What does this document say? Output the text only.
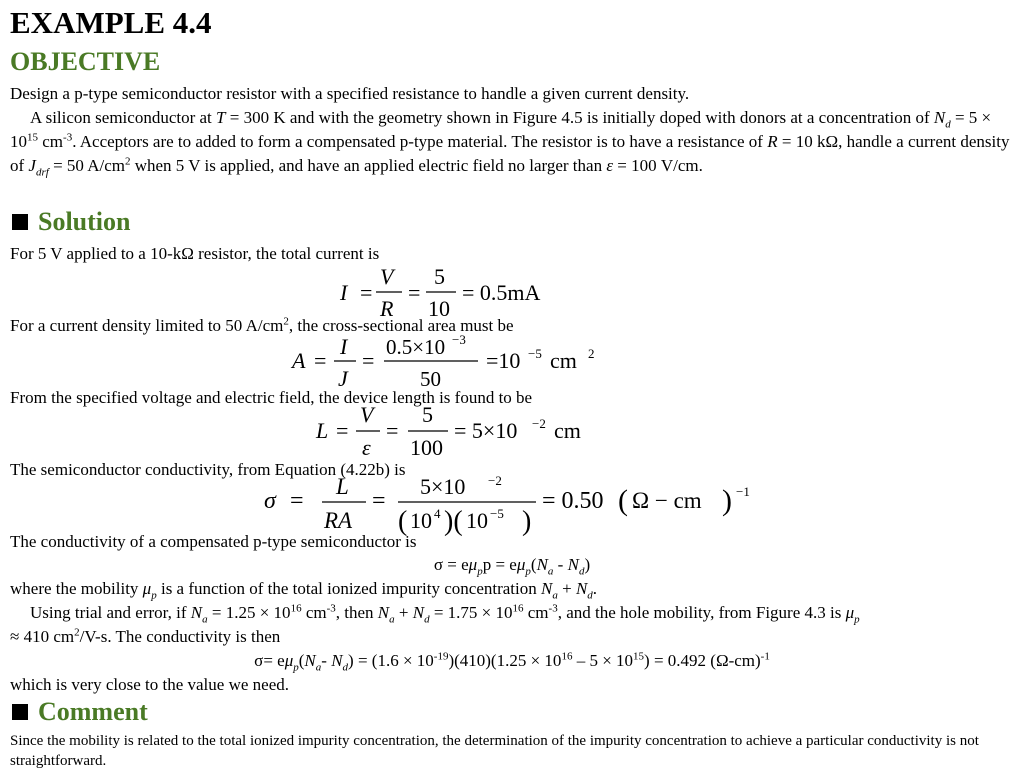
EXAMPLE 4.4
OBJECTIVE

Design a p-type semiconductor resistor with a specified resistance to handle a given current density.

A silicon semiconductor at T = 300 K and with the geometry shown in Figure 4.5 is initially doped with donors at a concentration of $N_d = 5 \times 10^{15}$ $cm^{-3}$. Acceptors are to added to form a compensated p-type material. The resistor is to have a resistance of R = 10 kΩ, handle a current density of $J_{drf} = 50$ $A/cm^2$ when 5 V is applied, and have an applied electric field no larger than ε = 100 V/cm.

Solution

For 5 V applied to a 10-kΩ resistor, the total current is

I =
V
R
=
5
10
= 0.5mA

For a current density limited to 50 $A/cm^2$, the cross-sectional area must be

A =
I
J
=
0.5×10 −3
50
=10 −5 cm 2

From the specified voltage and electric field, the device length is found to be

L =
V
ε
=
5
100
= 5×10 −2 cm

The semiconductor conductivity, from Equation (4.22b) is

σ =
L
RA
=
5×10 −2
( 10 4 )( 10 −5 )
= 0.50 ( Ω − cm ) −1

The conductivity of a compensated p-type semiconductor is

$\sigma = e\mu_pp = e\mu_p(N_a - N_d)$

where the mobility $\mu_p$ is a function of the total ionized impurity concentration $N_a + N_d$.

Using trial and error, if $N_a = 1.25 \times 10^{16}$ $cm^{-3}$, then $N_a + N_d = 1.75 \times 10^{16}$ $cm^{-3}$, and the hole mobility, from Figure 4.3 is $\mu_p$
≈ 410 $cm^2/V-s$. The conductivity is then

$\sigma= e\mu_p(N_a-$ $N_d) = (1.6 \times 10^{-19})(410)(1.25 \times 10^{16} - 5 \times 10^{15}) = 0.492$ $(\Omega-cm)^{-1}$

which is very close to the value we need.

Comment

Since the mobility is related to the total ionized impurity concentration, the determination of the impurity concentration to achieve a particular conductivity is not straightforward.
